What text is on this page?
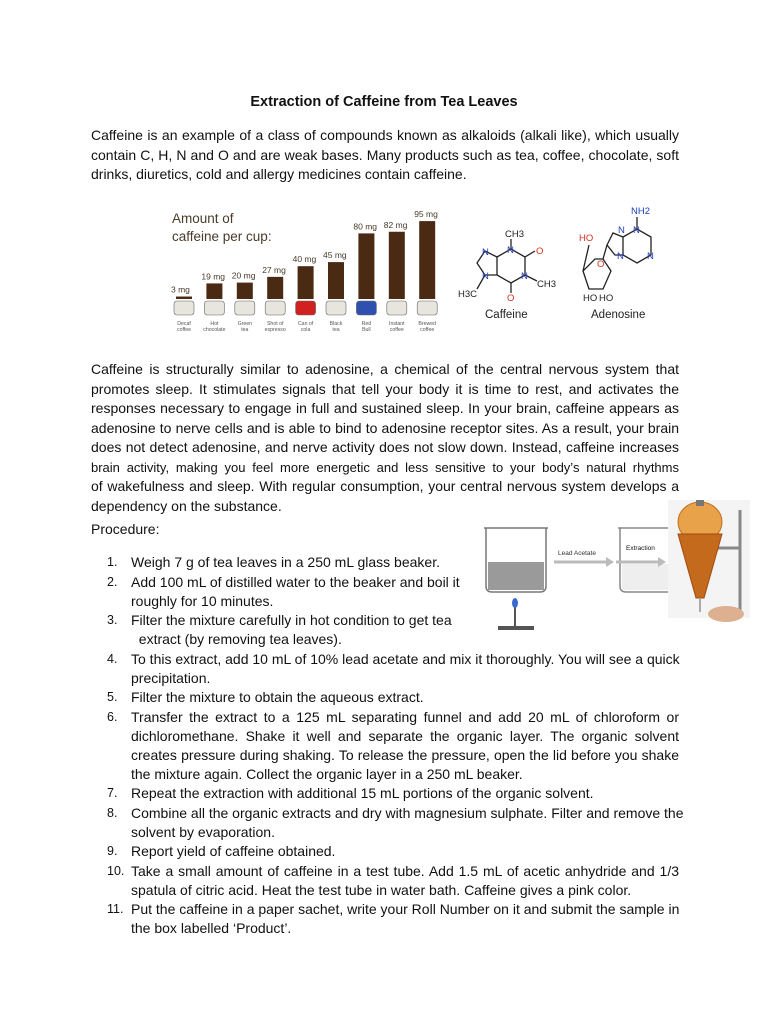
Extraction of Caffeine from Tea Leaves
Caffeine is an example of a class of compounds known as alkaloids (alkali like), which usually
contain C, H, N and O and are weak bases. Many products such as tea, coffee, chocolate, soft
drinks, diuretics, cold and allergy medicines contain caffeine.
Amount of
caffeine per cup:
3 mg
Decaf coffee
19 mg
Hot chocolate
20 mg
Green tea
27 mg
Shot of espresso
40 mg
Can of cola
45 mg
Black tea
80 mg
Red Bull
82 mg
Instant coffee
95 mg
Brewed coffee
CH3
O
N
N
N
N
CH3
H3C	O
Caffeine
NH2
HO
N
N
N
N
O
HO HO
Adenosine
Caffeine is structurally similar to adenosine, a chemical of the central nervous system that
promotes sleep. It stimulates signals that tell your body it is time to rest, and activates the
responses necessary to engage in full and sustained sleep. In your brain, caffeine appears as
adenosine to nerve cells and is able to bind to adenosine receptor sites. As a result, your brain
does not detect adenosine, and nerve activity does not slow down. Instead, caffeine increases
brain activity, making you feel more energetic and less sensitive to your body’s natural rhythms
of wakefulness and sleep. With regular consumption, your central nervous system develops a
dependency on the substance.
Procedure:
Lead Acetate
Extraction
1. Weigh 7 g of tea leaves in a 250 mL glass beaker.
2. Add 100 mL of distilled water to the beaker and boil it
roughly for 10 minutes.
3. Filter the mixture carefully in hot condition to get tea
extract (by removing tea leaves).
4. To this extract, add 10 mL of 10% lead acetate and mix it thoroughly. You will see a quick
precipitation.
5. Filter the mixture to obtain the aqueous extract.
6. Transfer the extract to a 125 mL separating funnel and add 20 mL of chloroform or
dichloromethane. Shake it well and separate the organic layer. The organic solvent
creates pressure during shaking. To release the pressure, open the lid before you shake
the mixture again. Collect the organic layer in a 250 mL beaker.
7. Repeat the extraction with additional 15 mL portions of the organic solvent.
8. Combine all the organic extracts and dry with magnesium sulphate. Filter and remove the
solvent by evaporation.
9. Report yield of caffeine obtained.
10. Take a small amount of caffeine in a test tube. Add 1.5 mL of acetic anhydride and 1/3
spatula of citric acid. Heat the test tube in water bath. Caffeine gives a pink color.
11. Put the caffeine in a paper sachet, write your Roll Number on it and submit the sample in
the box labelled ‘Product’.
